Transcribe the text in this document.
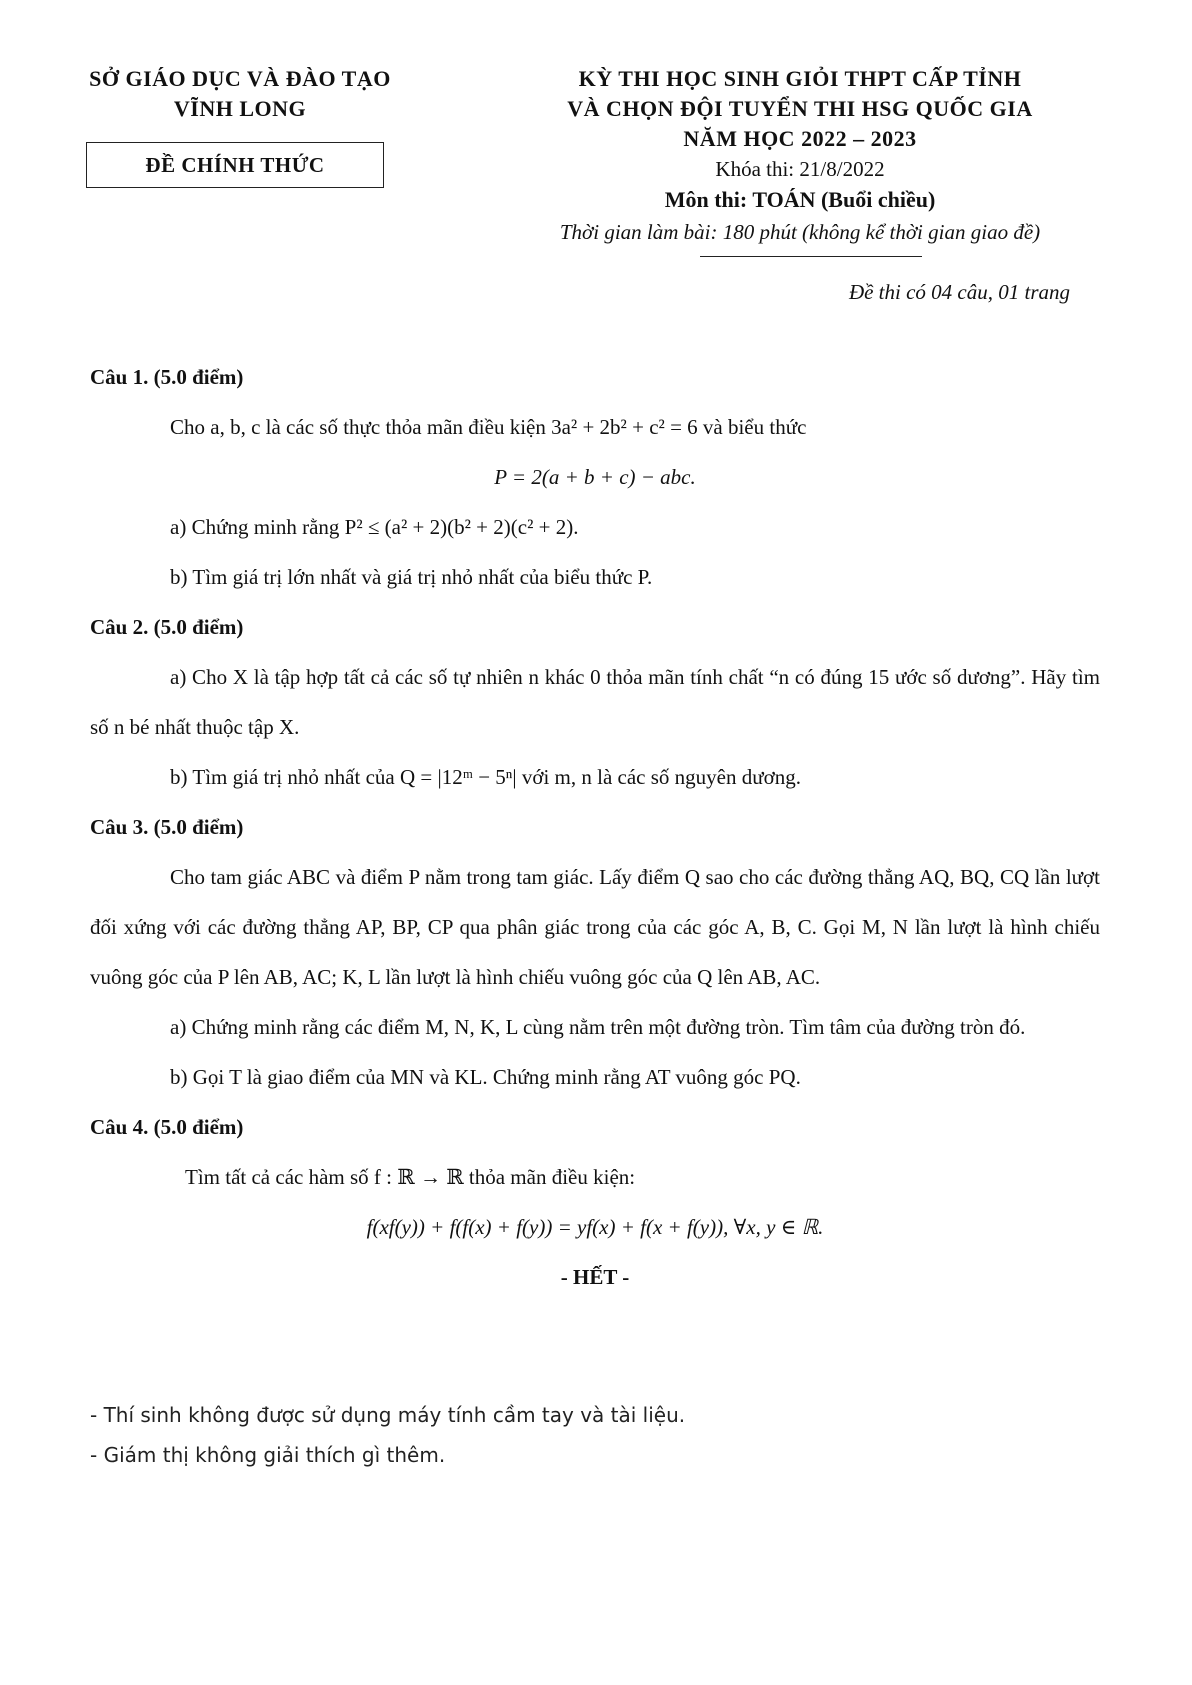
SỞ GIÁO DỤC VÀ ĐÀO TẠO
VĨNH LONG
ĐỀ CHÍNH THỨC
KỲ THI HỌC SINH GIỎI THPT CẤP TỈNH
VÀ CHỌN ĐỘI TUYỂN THI HSG QUỐC GIA
NĂM HỌC 2022 – 2023
Khóa thi: 21/8/2022
Môn thi: TOÁN (Buổi chiều)
Thời gian làm bài: 180 phút (không kể thời gian giao đề)
Đề thi có 04 câu, 01 trang
Câu 1. (5.0 điểm)
Cho a, b, c là các số thực thỏa mãn điều kiện 3a² + 2b² + c² = 6 và biểu thức
P = 2(a + b + c) − abc.
a) Chứng minh rằng P² ≤ (a² + 2)(b² + 2)(c² + 2).
b) Tìm giá trị lớn nhất và giá trị nhỏ nhất của biểu thức P.
Câu 2. (5.0 điểm)
a) Cho X là tập hợp tất cả các số tự nhiên n khác 0 thỏa mãn tính chất “n có đúng 15 ước số dương”. Hãy tìm số n bé nhất thuộc tập X.
b) Tìm giá trị nhỏ nhất của Q = |12ᵐ − 5ⁿ| với m, n là các số nguyên dương.
Câu 3. (5.0 điểm)
Cho tam giác ABC và điểm P nằm trong tam giác. Lấy điểm Q sao cho các đường thẳng AQ, BQ, CQ lần lượt đối xứng với các đường thẳng AP, BP, CP qua phân giác trong của các góc A, B, C. Gọi M, N lần lượt là hình chiếu vuông góc của P lên AB, AC; K, L lần lượt là hình chiếu vuông góc của Q lên AB, AC.
a) Chứng minh rằng các điểm M, N, K, L cùng nằm trên một đường tròn. Tìm tâm của đường tròn đó.
b) Gọi T là giao điểm của MN và KL. Chứng minh rằng AT vuông góc PQ.
Câu 4. (5.0 điểm)
Tìm tất cả các hàm số f : ℝ → ℝ thỏa mãn điều kiện:
f(xf(y)) + f(f(x) + f(y)) = yf(x) + f(x + f(y)), ∀x, y ∈ ℝ.
- HẾT -
- Thí sinh không được sử dụng máy tính cầm tay và tài liệu.
- Giám thị không giải thích gì thêm.
